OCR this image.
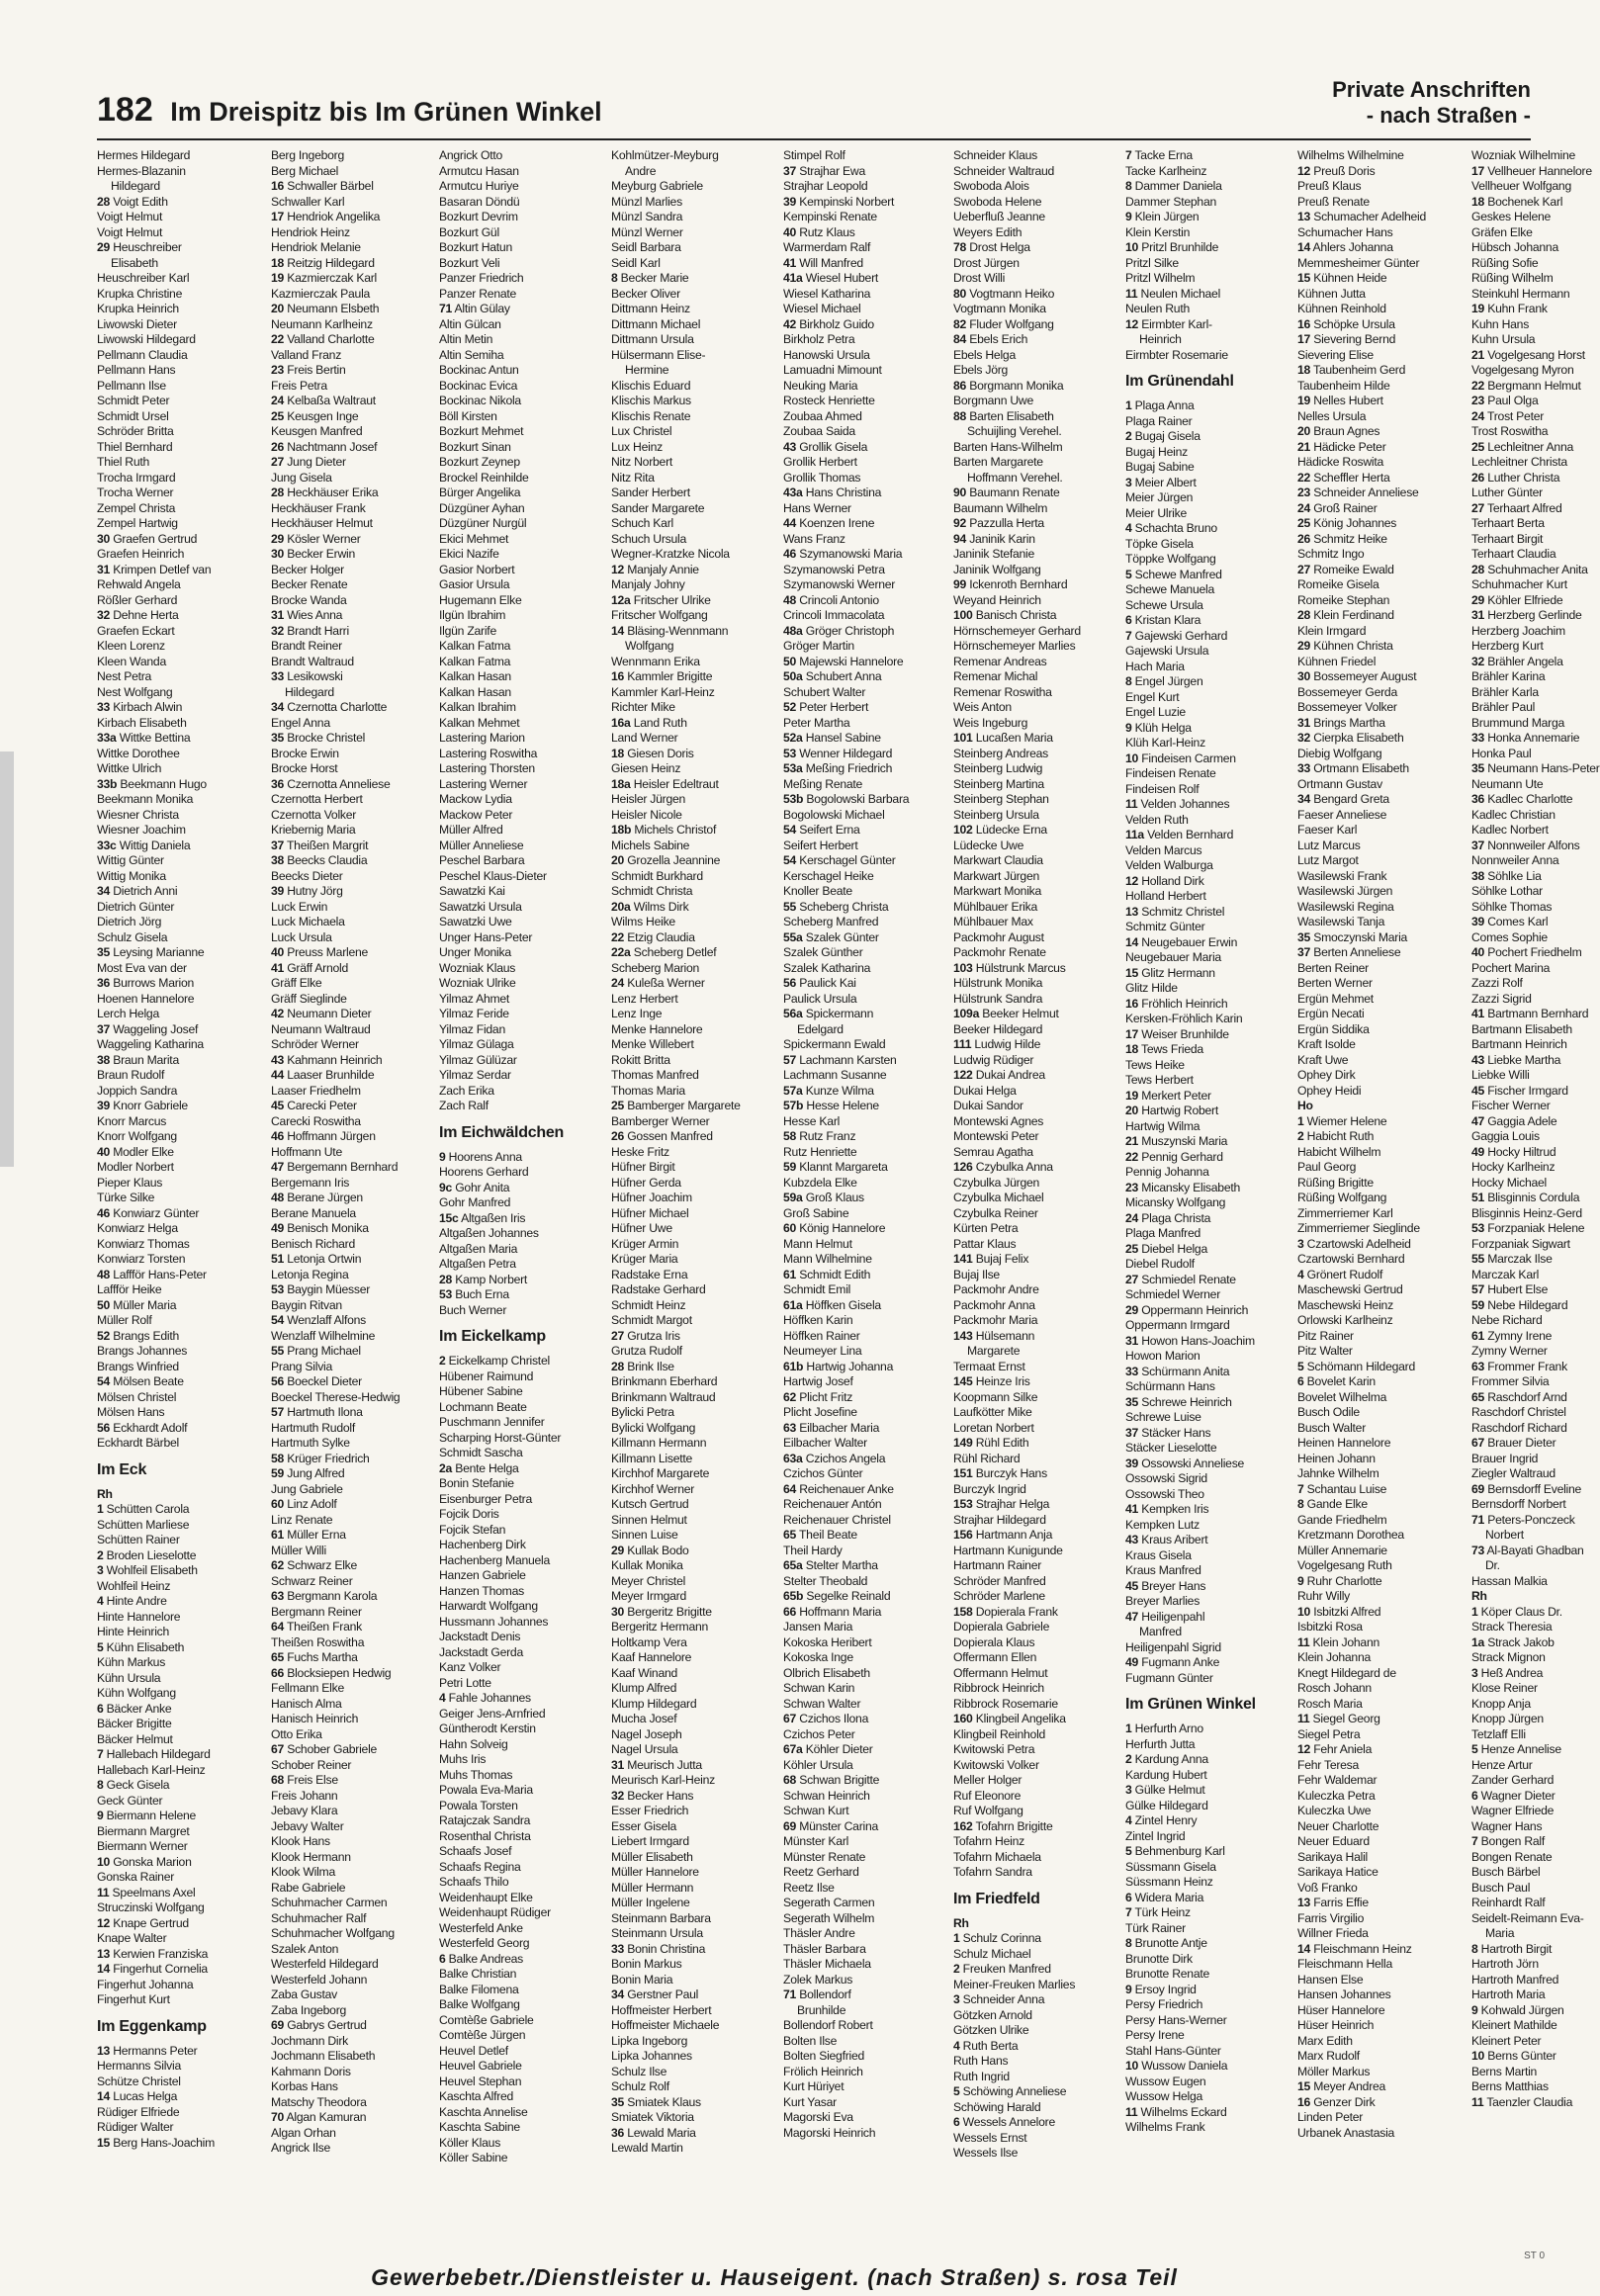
182 Im Dreispitz bis Im Grünen Winkel
Private Anschriften
- nach Straßen -
Hermes Hildegard
Hermes-Blazanin
Hildegard
28 Voigt Edith
Voigt Helmut
Voigt Helmut
29 Heuschreiber
Elisabeth
Heuschreiber Karl
Krupka Christine
Krupka Heinrich
Liwowski Dieter
Liwowski Hildegard
Pellmann Claudia
Pellmann Hans
Pellmann Ilse
Schmidt Peter
Schmidt Ursel
Schröder Britta
Thiel Bernhard
Thiel Ruth
Trocha Irmgard
Trocha Werner
Zempel Christa
Zempel Hartwig
30 Graefen Gertrud
Graefen Heinrich
31 Krimpen Detlef van
Rehwald Angela
Rößler Gerhard
32 Dehne Herta
Graefen Eckart
Kleen Lorenz
Kleen Wanda
Nest Petra
Nest Wolfgang
33 Kirbach Alwin
Kirbach Elisabeth
33a Wittke Bettina
Wittke Dorothee
Wittke Ulrich
33b Beekmann Hugo
Beekmann Monika
Wiesner Christa
Wiesner Joachim
33c Wittig Daniela
Wittig Günter
Wittig Monika
34 Dietrich Anni
Dietrich Günter
Dietrich Jörg
Schulz Gisela
35 Leysing Marianne
Most Eva van der
36 Burrows Marion
Hoenen Hannelore
Lerch Helga
37 Waggeling Josef
Waggeling Katharina
38 Braun Marita
Braun Rudolf
Joppich Sandra
39 Knorr Gabriele
Knorr Marcus
Knorr Wolfgang
40 Modler Elke
Modler Norbert
Pieper Klaus
Türke Silke
46 Konwiarz Günter
Konwiarz Helga
Konwiarz Thomas
Konwiarz Torsten
48 Laffför Hans-Peter
Laffför Heike
50 Müller Maria
Müller Rolf
52 Brangs Edith
Brangs Johannes
Brangs Winfried
54 Mölsen Beate
Mölsen Christel
Mölsen Hans
56 Eckhardt Adolf
Eckhardt Bärbel
Im Eck
Rh
1 Schütten Carola
Schütten Marliese
Schütten Rainer
2 Broden Lieselotte
3 Wohlfeil Elisabeth
Wohlfeil Heinz
4 Hinte Andre
Hinte Hannelore
Hinte Heinrich
5 Kühn Elisabeth
Kühn Markus
Kühn Ursula
Kühn Wolfgang
6 Bäcker Anke
Bäcker Brigitte
Bäcker Helmut
7 Hallebach Hildegard
Hallebach Karl-Heinz
8 Geck Gisela
Geck Günter
9 Biermann Helene
Biermann Margret
Biermann Werner
10 Gonska Marion
Gonska Rainer
11 Speelmans Axel
Struczinski Wolfgang
12 Knape Gertrud
Knape Walter
13 Kerwien Franziska
14 Fingerhut Cornelia
Fingerhut Johanna
Fingerhut Kurt
Im Eggenkamp
13 Hermanns Peter
Hermanns Silvia
Schütze Christel
14 Lucas Helga
Rüdiger Elfriede
Rüdiger Walter
15 Berg Hans-Joachim
Berg Ingeborg
Berg Michael
16 Schwaller Bärbel
Schwaller Karl
17 Hendriok Angelika
Hendriok Heinz
Hendriok Melanie
18 Reitzig Hildegard
19 Kazmierczak Karl
Kazmierczak Paula
20 Neumann Elsbeth
Neumann Karlheinz
22 Valland Charlotte
Valland Franz
23 Freis Bertin
Freis Petra
24 Kelbaßa Waltraut
25 Keusgen Inge
Keusgen Manfred
26 Nachtmann Josef
27 Jung Dieter
Jung Gisela
28 Heckhäuser Erika
Heckhäuser Frank
Heckhäuser Helmut
29 Kösler Werner
30 Becker Erwin
Becker Holger
Becker Renate
Brocke Wanda
31 Wies Anna
32 Brandt Harri
Brandt Reiner
Brandt Waltraud
33 Lesikowski
Hildegard
34 Czernotta Charlotte
Engel Anna
35 Brocke Christel
Brocke Erwin
Brocke Horst
36 Czernotta Anneliese
Czernotta Herbert
Czernotta Volker
Kriebernig Maria
37 Theißen Margrit
38 Beecks Claudia
Beecks Dieter
39 Hutny Jörg
Luck Erwin
Luck Michaela
Luck Ursula
40 Preuss Marlene
41 Gräff Arnold
Gräff Elke
Gräff Sieglinde
42 Neumann Dieter
Neumann Waltraud
Schröder Werner
43 Kahmann Heinrich
44 Laaser Brunhilde
Laaser Friedhelm
45 Carecki Peter
Carecki Roswitha
46 Hoffmann Jürgen
Hoffmann Ute
47 Bergemann Bernhard
Bergemann Iris
48 Berane Jürgen
Berane Manuela
49 Benisch Monika
Benisch Richard
51 Letonja Ortwin
Letonja Regina
53 Baygin Müesser
Baygin Ritvan
54 Wenzlaff Alfons
Wenzlaff Wilhelmine
55 Prang Michael
Prang Silvia
56 Boeckel Dieter
Boeckel Therese-Hedwig
57 Hartmuth Ilona
Hartmuth Rudolf
Hartmuth Sylke
58 Krüger Friedrich
59 Jung Alfred
Jung Gabriele
60 Linz Adolf
Linz Renate
61 Müller Erna
Müller Willi
62 Schwarz Elke
Schwarz Reiner
63 Bergmann Karola
Bergmann Reiner
64 Theißen Frank
Theißen Roswitha
65 Fuchs Martha
66 Blocksiepen Hedwig
Fellmann Elke
Hanisch Alma
Hanisch Heinrich
Otto Erika
67 Schober Gabriele
Schober Reiner
68 Freis Else
Freis Johann
Jebavy Klara
Jebavy Walter
Klook Hans
Klook Hermann
Klook Wilma
Rabe Gabriele
Schuhmacher Carmen
Schuhmacher Ralf
Schuhmacher Wolfgang
Szalek Anton
Westerfeld Hildegard
Westerfeld Johann
Zaba Gustav
Zaba Ingeborg
69 Gabrys Gertrud
Jochmann Dirk
Jochmann Elisabeth
Kahmann Doris
Korbas Hans
Matschy Theodora
70 Algan Kamuran
Algan Orhan
Angrick Ilse
Angrick Otto
Armutcu Hasan
Armutcu Huriye
Basaran Döndü
Bozkurt Devrim
Bozkurt Gül
Bozkurt Hatun
Bozkurt Veli
Panzer Friedrich
Panzer Renate
71 Altin Gülay
Altin Gülcan
Altin Metin
Altin Semiha
Bockinac Antun
Bockinac Evica
Bockinac Nikola
Böll Kirsten
Bozkurt Mehmet
Bozkurt Sinan
Bozkurt Zeynep
Brockel Reinhilde
Bürger Angelika
Düzgüner Ayhan
Düzgüner Nurgül
Ekici Mehmet
Ekici Nazife
Gasior Norbert
Gasior Ursula
Hugemann Elke
Ilgün Ibrahim
Ilgün Zarife
Kalkan Fatma
Kalkan Fatma
Kalkan Hasan
Kalkan Hasan
Kalkan Ibrahim
Kalkan Mehmet
Lastering Marion
Lastering Roswitha
Lastering Thorsten
Lastering Werner
Mackow Lydia
Mackow Peter
Müller Alfred
Müller Anneliese
Peschel Barbara
Peschel Klaus-Dieter
Sawatzki Kai
Sawatzki Ursula
Sawatzki Uwe
Unger Hans-Peter
Unger Monika
Wozniak Klaus
Wozniak Ulrike
Yilmaz Ahmet
Yilmaz Feride
Yilmaz Fidan
Yilmaz Gülaga
Yilmaz Gülüzar
Yilmaz Serdar
Zach Erika
Zach Ralf
Im Eichwäldchen
9 Hoorens Anna
Hoorens Gerhard
9c Gohr Anita
Gohr Manfred
15c Altgaßen Iris
Altgaßen Johannes
Altgaßen Maria
Altgaßen Petra
28 Kamp Norbert
53 Buch Erna
Buch Werner
Im Eickelkamp
2 Eickelkamp Christel
Hübener Raimund
Hübener Sabine
Lochmann Beate
Puschmann Jennifer
Scharping Horst-Günter
Schmidt Sascha
2a Bente Helga
Bonin Stefanie
Eisenburger Petra
Fojcik Doris
Fojcik Stefan
Hachenberg Dirk
Hachenberg Manuela
Hanzen Gabriele
Hanzen Thomas
Harwardt Wolfgang
Hussmann Johannes
Jackstadt Denis
Jackstadt Gerda
Kanz Volker
Petri Lotte
4 Fahle Johannes
Geiger Jens-Arnfried
Güntherodt Kerstin
Hahn Solveig
Muhs Iris
Muhs Thomas
Powala Eva-Maria
Powala Torsten
Ratajczak Sandra
Rosenthal Christa
Schaafs Josef
Schaafs Regina
Schaafs Thilo
Weidenhaupt Elke
Weidenhaupt Rüdiger
Westerfeld Anke
Westerfeld Georg
6 Balke Andreas
Balke Christian
Balke Filomena
Balke Wolfgang
Comtèße Gabriele
Comtèße Jürgen
Heuvel Detlef
Heuvel Gabriele
Heuvel Stephan
Kaschta Alfred
Kaschta Annelise
Kaschta Sabine
Köller Klaus
Köller Sabine
Kohlmützer-Meyburg
Andre
Meyburg Gabriele
Münzl Marlies
Münzl Sandra
Münzl Werner
Seidl Barbara
Seidl Karl
8 Becker Marie
Becker Oliver
Dittmann Heinz
Dittmann Michael
Dittmann Ursula
Hülsermann Elise-
Hermine
Klischis Eduard
Klischis Markus
Klischis Renate
Lux Christel
Lux Heinz
Nitz Norbert
Nitz Rita
Sander Herbert
Sander Margarete
Schuch Karl
Schuch Ursula
Wegner-Kratzke Nicola
12 Manjaly Annie
Manjaly Johny
12a Fritscher Ulrike
Fritscher Wolfgang
14 Bläsing-Wennmann
Wolfgang
Wennmann Erika
16 Kammler Brigitte
Kammler Karl-Heinz
Richter Mike
16a Land Ruth
Land Werner
18 Giesen Doris
Giesen Heinz
18a Heisler Edeltraut
Heisler Jürgen
Heisler Nicole
18b Michels Christof
Michels Sabine
20 Grozella Jeannine
Schmidt Burkhard
Schmidt Christa
20a Wilms Dirk
Wilms Heike
22 Etzig Claudia
22a Scheberg Detlef
Scheberg Marion
24 Kuleßa Werner
Lenz Herbert
Lenz Inge
Menke Hannelore
Menke Willebert
Rokitt Britta
Thomas Manfred
Thomas Maria
25 Bamberger Margarete
Bamberger Werner
26 Gossen Manfred
Heske Fritz
Hüfner Birgit
Hüfner Gerda
Hüfner Joachim
Hüfner Michael
Hüfner Uwe
Krüger Armin
Krüger Maria
Radstake Erna
Radstake Gerhard
Schmidt Heinz
Schmidt Margot
27 Grutza Iris
Grutza Rudolf
28 Brink Ilse
Brinkmann Eberhard
Brinkmann Waltraud
Bylicki Petra
Bylicki Wolfgang
Killmann Hermann
Killmann Lisette
Kirchhof Margarete
Kirchhof Werner
Kutsch Gertrud
Sinnen Helmut
Sinnen Luise
29 Kullak Bodo
Kullak Monika
Meyer Christel
Meyer Irmgard
30 Bergeritz Brigitte
Bergeritz Hermann
Holtkamp Vera
Kaaf Hannelore
Kaaf Winand
Klump Alfred
Klump Hildegard
Mucha Josef
Nagel Joseph
Nagel Ursula
31 Meurisch Jutta
Meurisch Karl-Heinz
32 Becker Hans
Esser Friedrich
Esser Gisela
Liebert Irmgard
Müller Elisabeth
Müller Hannelore
Müller Hermann
Müller Ingelene
Steinmann Barbara
Steinmann Ursula
33 Bonin Christina
Bonin Markus
Bonin Maria
34 Gerstner Paul
Hoffmeister Herbert
Hoffmeister Michaele
Lipka Ingeborg
Lipka Johannes
Schulz Ilse
Schulz Rolf
35 Smiatek Klaus
Smiatek Viktoria
36 Lewald Maria
Lewald Martin
Stimpel Rolf
37 Strajhar Ewa
Strajhar Leopold
39 Kempinski Norbert
Kempinski Renate
40 Rutz Klaus
Warmerdam Ralf
41 Will Manfred
41a Wiesel Hubert
Wiesel Katharina
Wiesel Michael
42 Birkholz Guido
Birkholz Petra
Hanowski Ursula
Lamuadni Mimount
Neuking Maria
Rosteck Henriette
Zoubaa Ahmed
Zoubaa Saida
43 Grollik Gisela
Grollik Herbert
Grollik Thomas
43a Hans Christina
Hans Werner
44 Koenzen Irene
Wans Franz
46 Szymanowski Maria
Szymanowski Petra
Szymanowski Werner
48 Crincoli Antonio
Crincoli Immacolata
48a Gröger Christoph
Gröger Martin
50 Majewski Hannelore
50a Schubert Anna
Schubert Walter
52 Peter Herbert
Peter Martha
52a Hansel Sabine
53 Wenner Hildegard
53a Meßing Friedrich
Meßing Renate
53b Bogolowski Barbara
Bogolowski Michael
54 Seifert Erna
Seifert Herbert
54 Kerschagel Günter
Kerschagel Heike
Knoller Beate
55 Scheberg Christa
Scheberg Manfred
55a Szalek Günter
Szalek Günther
Szalek Katharina
56 Paulick Kai
Paulick Ursula
56a Spickermann
Edelgard
Spickermann Ewald
57 Lachmann Karsten
Lachmann Susanne
57a Kunze Wilma
57b Hesse Helene
Hesse Karl
58 Rutz Franz
Rutz Henriette
59 Klannt Margareta
Kubzdela Elke
59a Groß Klaus
Groß Sabine
60 König Hannelore
Mann Helmut
Mann Wilhelmine
61 Schmidt Edith
Schmidt Emil
61a Höffken Gisela
Höffken Karin
Höffken Rainer
Neumeyer Lina
61b Hartwig Johanna
Hartwig Josef
62 Plicht Fritz
Plicht Josefine
63 Eilbacher Maria
Eilbacher Walter
63a Czichos Angela
Czichos Günter
64 Reichenauer Anke
Reichenauer Antón
Reichenauer Christel
65 Theil Beate
Theil Hardy
65a Stelter Martha
Stelter Theobald
65b Segelke Reinald
66 Hoffmann Maria
Jansen Maria
Kokoska Heribert
Kokoska Inge
Olbrich Elisabeth
Schwan Karin
Schwan Walter
67 Czichos Ilona
Czichos Peter
67a Köhler Dieter
Köhler Ursula
68 Schwan Brigitte
Schwan Heinrich
Schwan Kurt
69 Münster Carina
Münster Karl
Münster Renate
Reetz Gerhard
Reetz Ilse
Segerath Carmen
Segerath Wilhelm
Thäsler Andre
Thäsler Barbara
Thäsler Michaela
Zolek Markus
71 Bollendorf
Brunhilde
Bollendorf Robert
Bolten Ilse
Bolten Siegfried
Frölich Heinrich
Kurt Hüriyet
Kurt Yasar
Magorski Eva
Magorski Heinrich
Schneider Klaus
Schneider Waltraud
Swoboda Alois
Swoboda Helene
Ueberfluß Jeanne
Weyers Edith
78 Drost Helga
Drost Jürgen
Drost Willi
80 Vogtmann Heiko
Vogtmann Monika
82 Fluder Wolfgang
84 Ebels Erich
Ebels Helga
Ebels Jörg
86 Borgmann Monika
Borgmann Uwe
88 Barten Elisabeth
Schuijling Verehel.
Barten Hans-Wilhelm
Barten Margarete
Hoffmann Verehel.
90 Baumann Renate
Baumann Wilhelm
92 Pazzulla Herta
94 Janinik Karin
Janinik Stefanie
Janinik Wolfgang
99 Ickenroth Bernhard
Weyand Heinrich
100 Banisch Christa
Hörnschemeyer Gerhard
Hörnschemeyer Marlies
Remenar Andreas
Remenar Michal
Remenar Roswitha
Weis Anton
Weis Ingeburg
101 Lucaßen Maria
Steinberg Andreas
Steinberg Ludwig
Steinberg Martina
Steinberg Stephan
Steinberg Ursula
102 Lüdecke Erna
Lüdecke Uwe
Markwart Claudia
Markwart Jürgen
Markwart Monika
Mühlbauer Erika
Mühlbauer Max
Packmohr August
Packmohr Renate
103 Hülstrunk Marcus
Hülstrunk Monika
Hülstrunk Sandra
109a Beeker Helmut
Beeker Hildegard
111 Ludwig Hilde
Ludwig Rüdiger
122 Dukai Andrea
Dukai Helga
Dukai Sandor
Montewski Agnes
Montewski Peter
Semrau Agatha
126 Czybulka Anna
Czybulka Jürgen
Czybulka Michael
Czybulka Reiner
Kürten Petra
Pattar Klaus
141 Bujaj Felix
Bujaj Ilse
Packmohr Andre
Packmohr Anna
Packmohr Maria
143 Hülsemann
Margarete
Termaat Ernst
145 Heinze Iris
Koopmann Silke
Laufkötter Mike
Loretan Norbert
149 Rühl Edith
Rühl Richard
151 Burczyk Hans
Burczyk Ingrid
153 Strajhar Helga
Strajhar Hildegard
156 Hartmann Anja
Hartmann Kunigunde
Hartmann Rainer
Schröder Manfred
Schröder Marlene
158 Dopierala Frank
Dopierala Gabriele
Dopierala Klaus
Offermann Ellen
Offermann Helmut
Ribbrock Heinrich
Ribbrock Rosemarie
160 Klingbeil Angelika
Klingbeil Reinhold
Kwitowski Petra
Kwitowski Volker
Meller Holger
Ruf Eleonore
Ruf Wolfgang
162 Tofahrn Brigitte
Tofahrn Heinz
Tofahrn Michaela
Tofahrn Sandra
Im Friedfeld
Rh
1 Schulz Corinna
Schulz Michael
2 Freuken Manfred
Meiner-Freuken Marlies
3 Schneider Anna
Götzken Arnold
Götzken Ulrike
4 Ruth Berta
Ruth Hans
Ruth Ingrid
5 Schöwing Anneliese
Schöwing Harald
6 Wessels Annelore
Wessels Ernst
Wessels Ilse
7 Tacke Erna
Tacke Karlheinz
8 Dammer Daniela
Dammer Stephan
9 Klein Jürgen
Klein Kerstin
10 Pritzl Brunhilde
Pritzl Silke
Pritzl Wilhelm
11 Neulen Michael
Neulen Ruth
12 Eirmbter Karl-
Heinrich
Eirmbter Rosemarie
Im Grünendahl
1 Plaga Anna
Plaga Rainer
2 Bugaj Gisela
Bugaj Heinz
Bugaj Sabine
3 Meier Albert
Meier Jürgen
Meier Ulrike
4 Schachta Bruno
Töpke Gisela
Töppke Wolfgang
5 Schewe Manfred
Schewe Manuela
Schewe Ursula
6 Kristan Klara
7 Gajewski Gerhard
Gajewski Ursula
Hach Maria
8 Engel Jürgen
Engel Kurt
Engel Luzie
9 Klüh Helga
Klüh Karl-Heinz
10 Findeisen Carmen
Findeisen Renate
Findeisen Rolf
11 Velden Johannes
Velden Ruth
11a Velden Bernhard
Velden Marcus
Velden Walburga
12 Holland Dirk
Holland Herbert
13 Schmitz Christel
Schmitz Günter
14 Neugebauer Erwin
Neugebauer Maria
15 Glitz Hermann
Glitz Hilde
16 Fröhlich Heinrich
Kersken-Fröhlich Karin
17 Weiser Brunhilde
18 Tews Frieda
Tews Heike
Tews Herbert
19 Merkert Peter
20 Hartwig Robert
Hartwig Wilma
21 Muszynski Maria
22 Pennig Gerhard
Pennig Johanna
23 Micansky Elisabeth
Micansky Wolfgang
24 Plaga Christa
Plaga Manfred
25 Diebel Helga
Diebel Rudolf
27 Schmiedel Renate
Schmiedel Werner
29 Oppermann Heinrich
Oppermann Irmgard
31 Howon Hans-Joachim
Howon Marion
33 Schürmann Anita
Schürmann Hans
35 Schrewe Heinrich
Schrewe Luise
37 Stäcker Hans
Stäcker Lieselotte
39 Ossowski Anneliese
Ossowski Sigrid
Ossowski Theo
41 Kempken Iris
Kempken Lutz
43 Kraus Aribert
Kraus Gisela
Kraus Manfred
45 Breyer Hans
Breyer Marlies
47 Heiligenpahl
Manfred
Heiligenpahl Sigrid
49 Fugmann Anke
Fugmann Günter
Im Grünen Winkel
1 Herfurth Arno
Herfurth Jutta
2 Kardung Anna
Kardung Hubert
3 Gülke Helmut
Gülke Hildegard
4 Zintel Henry
Zintel Ingrid
5 Behmenburg Karl
Süssmann Gisela
Süssmann Heinz
6 Widera Maria
7 Türk Heinz
Türk Rainer
8 Brunotte Antje
Brunotte Dirk
Brunotte Renate
9 Ersoy Ingrid
Persy Friedrich
Persy Hans-Werner
Persy Irene
Stahl Hans-Günter
10 Wussow Daniela
Wussow Eugen
Wussow Helga
11 Wilhelms Eckard
Wilhelms Frank
Wilhelms Wilhelmine
12 Preuß Doris
Preuß Klaus
Preuß Renate
13 Schumacher Adelheid
Schumacher Hans
14 Ahlers Johanna
Memmesheimer Günter
15 Kühnen Heide
Kühnen Jutta
Kühnen Reinhold
16 Schöpke Ursula
17 Sievering Bernd
Sievering Elise
18 Taubenheim Gerd
Taubenheim Hilde
19 Nelles Hubert
Nelles Ursula
20 Braun Agnes
21 Hädicke Peter
Hädicke Roswita
22 Scheffler Herta
23 Schneider Anneliese
24 Groß Rainer
25 König Johannes
26 Schmitz Heike
Schmitz Ingo
27 Romeike Ewald
Romeike Gisela
Romeike Stephan
28 Klein Ferdinand
Klein Irmgard
29 Kühnen Christa
Kühnen Friedel
30 Bossemeyer August
Bossemeyer Gerda
Bossemeyer Volker
31 Brings Martha
32 Cierpka Elisabeth
Diebig Wolfgang
33 Ortmann Elisabeth
Ortmann Gustav
34 Bengard Greta
Faeser Anneliese
Faeser Karl
Lutz Marcus
Lutz Margot
Wasilewski Frank
Wasilewski Jürgen
Wasilewski Regina
Wasilewski Tanja
35 Smoczynski Maria
37 Berten Anneliese
Berten Reiner
Berten Werner
Ergün Mehmet
Ergün Necati
Ergün Siddika
Kraft Isolde
Kraft Uwe
Ophey Dirk
Ophey Heidi
Ho
1 Wiemer Helene
2 Habicht Ruth
Habicht Wilhelm
Paul Georg
Rüßing Brigitte
Rüßing Wolfgang
Zimmerriemer Karl
Zimmerriemer Sieglinde
3 Czartowski Adelheid
Czartowski Bernhard
4 Grönert Rudolf
Maschewski Gertrud
Maschewski Heinz
Orlowski Karlheinz
Pitz Rainer
Pitz Walter
5 Schömann Hildegard
6 Bovelet Karin
Bovelet Wilhelma
Busch Odile
Busch Walter
Heinen Hannelore
Heinen Johann
Jahnke Wilhelm
7 Schantau Luise
8 Gande Elke
Gande Friedhelm
Kretzmann Dorothea
Müller Annemarie
Vogelgesang Ruth
9 Ruhr Charlotte
Ruhr Willy
10 Isbitzki Alfred
Isbitzki Rosa
11 Klein Johann
Klein Johanna
Knegt Hildegard de
Rosch Johann
Rosch Maria
11 Siegel Georg
Siegel Petra
12 Fehr Aniela
Fehr Teresa
Fehr Waldemar
Kuleczka Petra
Kuleczka Uwe
Neuer Charlotte
Neuer Eduard
Sarikaya Halil
Sarikaya Hatice
Voß Franko
13 Farris Effie
Farris Virgilio
Willner Frieda
14 Fleischmann Heinz
Fleischmann Hella
Hansen Else
Hansen Johannes
Hüser Hannelore
Hüser Heinrich
Marx Edith
Marx Rudolf
Möller Markus
15 Meyer Andrea
16 Genzer Dirk
Linden Peter
Urbanek Anastasia
Wozniak Wilhelmine
17 Vellheuer Hannelore
Vellheuer Wolfgang
18 Bochenek Karl
Geskes Helene
Gräfen Elke
Hübsch Johanna
Rüßing Sofie
Rüßing Wilhelm
Steinkuhl Hermann
19 Kuhn Frank
Kuhn Hans
Kuhn Ursula
21 Vogelgesang Horst
Vogelgesang Myron
22 Bergmann Helmut
23 Paul Olga
24 Trost Peter
Trost Roswitha
25 Lechleitner Anna
Lechleitner Christa
26 Luther Christa
Luther Günter
27 Terhaart Alfred
Terhaart Berta
Terhaart Birgit
Terhaart Claudia
28 Schuhmacher Anita
Schuhmacher Kurt
29 Köhler Elfriede
31 Herzberg Gerlinde
Herzberg Joachim
Herzberg Kurt
32 Brähler Angela
Brähler Karina
Brähler Karla
Brähler Paul
Brummund Marga
33 Honka Annemarie
Honka Paul
35 Neumann Hans-Peter
Neumann Ute
36 Kadlec Charlotte
Kadlec Christian
Kadlec Norbert
37 Nonnweiler Alfons
Nonnweiler Anna
38 Söhlke Lia
Söhlke Lothar
Söhlke Thomas
39 Comes Karl
Comes Sophie
40 Pochert Friedhelm
Pochert Marina
Zazzi Rolf
Zazzi Sigrid
41 Bartmann Bernhard
Bartmann Elisabeth
Bartmann Heinrich
43 Liebke Martha
Liebke Willi
45 Fischer Irmgard
Fischer Werner
47 Gaggia Adele
Gaggia Louis
49 Hocky Hiltrud
Hocky Karlheinz
Hocky Michael
51 Blisginnis Cordula
Blisginnis Heinz-Gerd
53 Forzpaniak Helene
Forzpaniak Sigwart
55 Marczak Ilse
Marczak Karl
57 Hubert Else
59 Nebe Hildegard
Nebe Richard
61 Zymny Irene
Zymny Werner
63 Frommer Frank
Frommer Silvia
65 Raschdorf Arnd
Raschdorf Christel
Raschdorf Richard
67 Brauer Dieter
Brauer Ingrid
Ziegler Waltraud
69 Bernsdorff Eveline
Bernsdorff Norbert
71 Peters-Ponczeck
Norbert
73 Al-Bayati Ghadban
Dr.
Hassan Malkia
Rh
1 Köper Claus Dr.
Strack Theresia
1a Strack Jakob
Strack Mignon
3 Heß Andrea
Klose Reiner
Knopp Anja
Knopp Jürgen
Tetzlaff Elli
5 Henze Annelise
Henze Artur
Zander Gerhard
6 Wagner Dieter
Wagner Elfriede
Wagner Hans
7 Bongen Ralf
Bongen Renate
Busch Bärbel
Busch Paul
Reinhardt Ralf
Seidelt-Reimann Eva-
Maria
8 Hartroth Birgit
Hartroth Jörn
Hartroth Manfred
Hartroth Maria
9 Kohwald Jürgen
Kleinert Mathilde
Kleinert Peter
10 Berns Günter
Berns Martin
Berns Matthias
11 Taenzler Claudia
Gewerbebetr./Dienstleister u. Hauseigent. (nach Straßen) s. rosa Teil
ST 0
